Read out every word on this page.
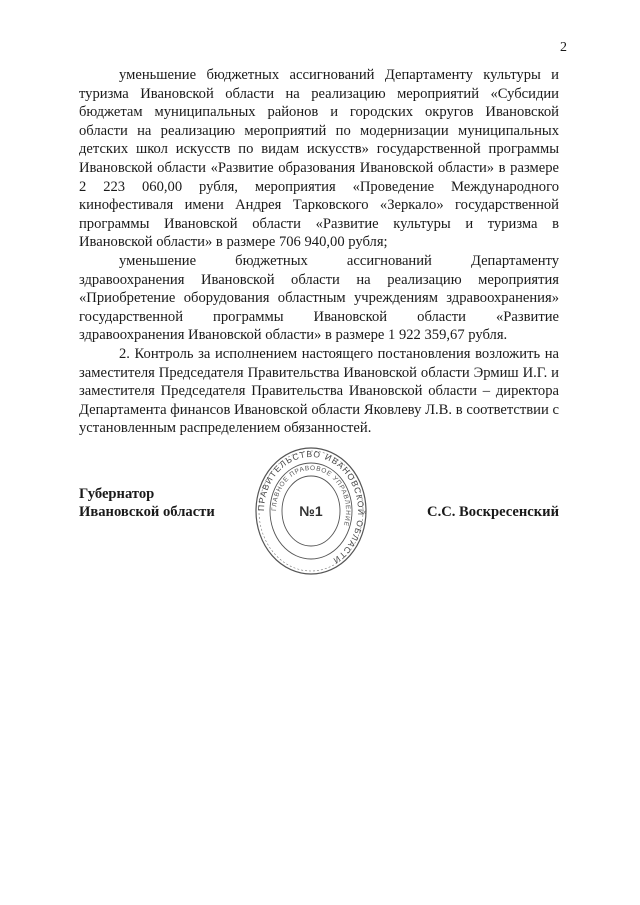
2

уменьшение бюджетных ассигнований Департаменту культуры и туризма Ивановской области на реализацию мероприятий «Субсидии бюджетам муниципальных районов и городских округов Ивановской области на реализацию мероприятий по модернизации муниципальных детских школ искусств по видам искусств» государственной программы Ивановской области «Развитие образования Ивановской области» в размере 2 223 060,00 рубля, мероприятия «Проведение Международного кинофестиваля имени Андрея Тарковского «Зеркало» государственной программы Ивановской области «Развитие культуры и туризма в Ивановской области» в размере 706 940,00 рубля;

уменьшение бюджетных ассигнований Департаменту здравоохранения Ивановской области на реализацию мероприятия «Приобретение оборудования областным учреждениям здравоохранения» государственной программы Ивановской области «Развитие здравоохранения Ивановской области» в размере 1 922 359,67 рубля.

2. Контроль за исполнением настоящего постановления возложить на заместителя Председателя Правительства Ивановской области Эрмиш И.Г. и заместителя Председателя Правительства Ивановской области – директора Департамента финансов Ивановской области Яковлеву Л.В. в соответствии с установленным распределением обязанностей.

Губернатор
Ивановской области	ПРАВИТЕЛЬСТВО ИВАНОВСКОЙ ОБЛАСТИ
ГЛАВНОЕ ПРАВОВОЕ УПРАВЛЕНИЕ
№1	С.С. Воскресенский
